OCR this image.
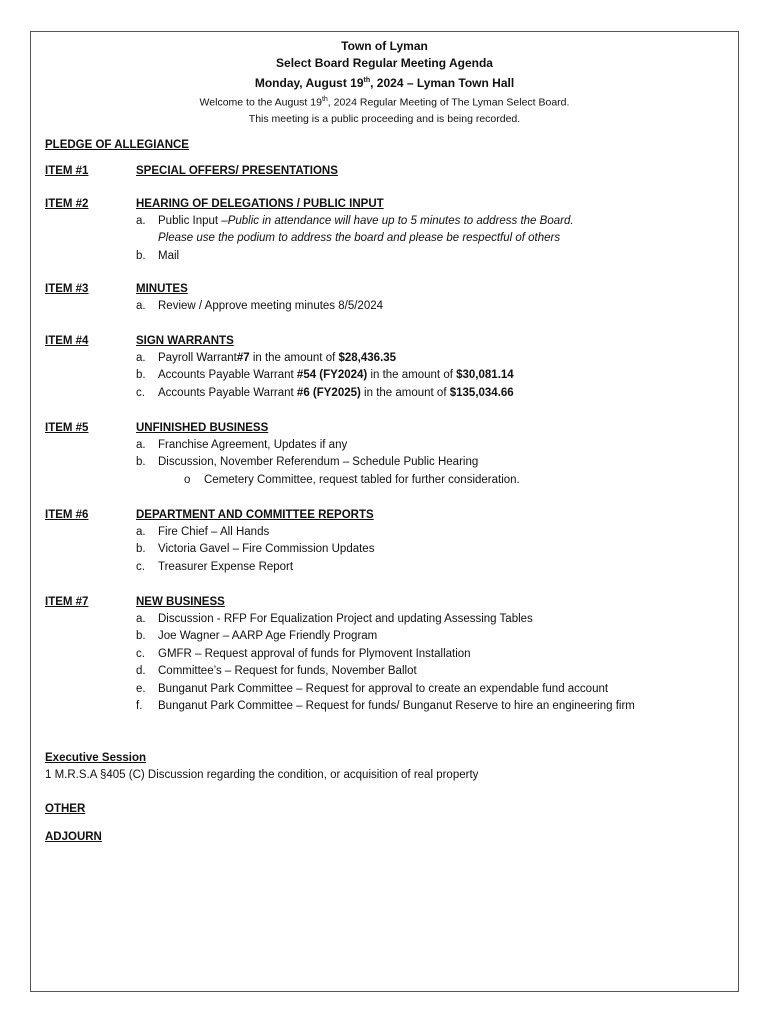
Town of Lyman
Select Board Regular Meeting Agenda
Monday, August 19th, 2024 – Lyman Town Hall
Welcome to the August 19th, 2024 Regular Meeting of The Lyman Select Board.
This meeting is a public proceeding and is being recorded.
PLEDGE OF ALLEGIANCE
ITEM #1	SPECIAL OFFERS/ PRESENTATIONS
ITEM #2	HEARING OF DELEGATIONS / PUBLIC INPUT
a.	Public Input – Public in attendance will have up to 5 minutes to address the Board.
Please use the podium to address the board and please be respectful of others
b.	Mail
ITEM #3	MINUTES
a.	Review / Approve meeting minutes 8/5/2024
ITEM #4	SIGN WARRANTS
a.	Payroll Warrant #7 in the amount of $28,436.35
b.	Accounts Payable Warrant #54 (FY2024) in the amount of $30,081.14
c.	Accounts Payable Warrant #6 (FY2025) in the amount of $135,034.66
ITEM #5	UNFINISHED BUSINESS
a.	Franchise Agreement, Updates if any
b.	Discussion, November Referendum – Schedule Public Hearing
o	Cemetery Committee, request tabled for further consideration.
ITEM #6	DEPARTMENT AND COMMITTEE REPORTS
a.	Fire Chief – All Hands
b.	Victoria Gavel – Fire Commission Updates
c.	Treasurer Expense Report
ITEM #7	NEW BUSINESS
a.	Discussion - RFP For Equalization Project and updating Assessing Tables
b.	Joe Wagner – AARP Age Friendly Program
c.	GMFR – Request approval of funds for Plymovent Installation
d.	Committee’s – Request for funds, November Ballot
e.	Bunganut Park Committee – Request for approval to create an expendable fund account
f.	Bunganut Park Committee – Request for funds/ Bunganut Reserve to hire an engineering firm
Executive Session
1 M.R.S.A §405 (C) Discussion regarding the condition, or acquisition of real property
OTHER
ADJOURN
